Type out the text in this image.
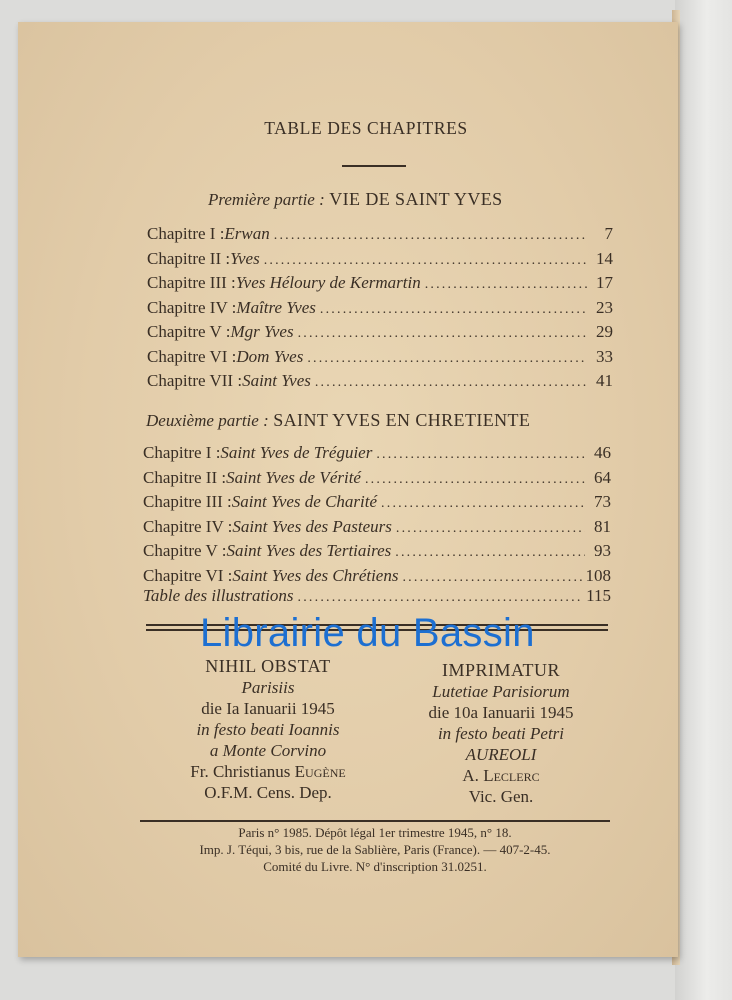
TABLE DES CHAPITRES
Première partie : VIE DE SAINT YVES
Chapitre I : Erwan .....	7
Chapitre II : Yves .....	14
Chapitre III : Yves Héloury de Kermartin .....	17
Chapitre IV : Maître Yves .....	23
Chapitre V : Mgr Yves .....	29
Chapitre VI : Dom Yves .....	33
Chapitre VII : Saint Yves .....	41
Deuxième partie : SAINT YVES EN CHRETIENTE
Chapitre I : Saint Yves de Tréguier .....	46
Chapitre II : Saint Yves de Vérité .....	64
Chapitre III : Saint Yves de Charité .....	73
Chapitre IV : Saint Yves des Pasteurs .....	81
Chapitre V : Saint Yves des Tertiaires .....	93
Chapitre VI : Saint Yves des Chrétiens .....	108
Table des illustrations .....	115
Librairie du Bassin
NIHIL OBSTAT
Parisiis
die Ia Ianuarii 1945
in festo beati Ioannis
a Monte Corvino
Fr. Christianus Eugène
O.F.M. Cens. Dep.
IMPRIMATUR
Lutetiae Parisiorum
die 10a Ianuarii 1945
in festo beati Petri
AUREOLI
A. Leclerc
Vic. Gen.
Paris n° 1985. Dépôt légal 1er trimestre 1945, n° 18.
Imp. J. Téqui, 3 bis, rue de la Sablière, Paris (France). — 407-2-45.
Comité du Livre. N° d'inscription 31.0251.
